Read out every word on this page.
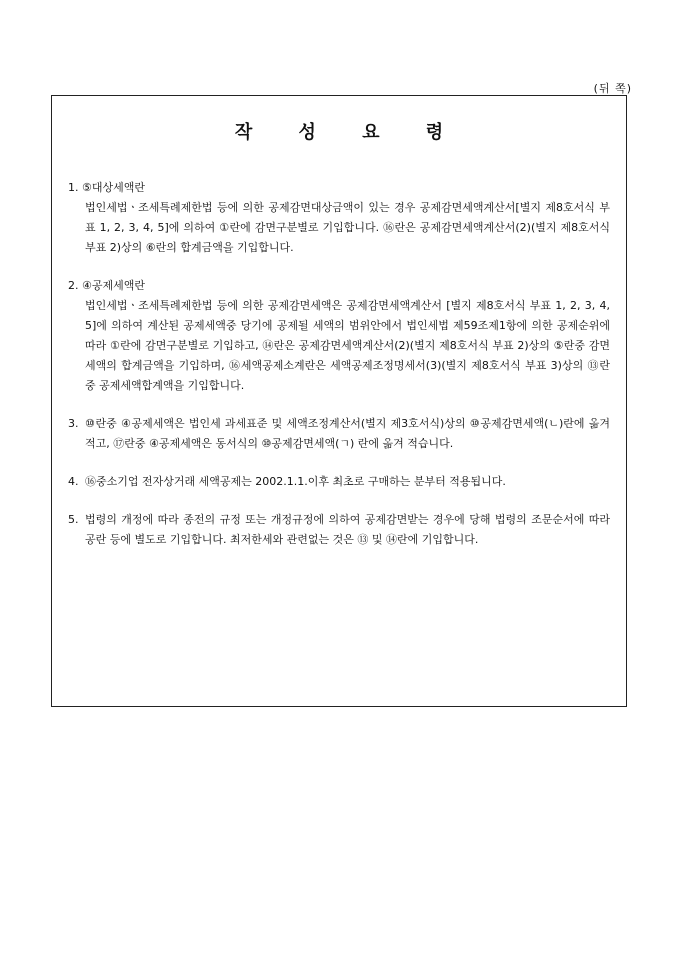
(뒤 쪽)
작 성 요 령
1. ⑤대상세액란
법인세법ㆍ조세특례제한법 등에 의한 공제감면대상금액이 있는 경우 공제감면세액계산서[별지 제8호서식 부표 1, 2, 3, 4, 5]에 의하여 ①란에 감면구분별로 기입합니다. ⑯란은 공제감면세액계산서(2)(별지 제8호서식 부표 2)상의 ⑥란의 합계금액을 기입합니다.
2. ④공제세액란
법인세법ㆍ조세특례제한법 등에 의한 공제감면세액은 공제감면세액계산서 [별지 제8호서식 부표 1, 2, 3, 4, 5]에 의하여 계산된 공제세액중 당기에 공제될 세액의 범위안에서 법인세법 제59조제1항에 의한 공제순위에 따라 ①란에 감면구분별로 기입하고, ⑭란은 공제감면세액계산서(2)(별지 제8호서식 부표 2)상의 ⑤란중 감면세액의 합계금액을 기입하며, ⑯세액공제소계란은 세액공제조정명세서(3)(별지 제8호서식 부표 3)상의 ⑬란중 공제세액합계액을 기입합니다.
3. ⑩란중 ④공제세액은 법인세 과세표준 및 세액조정계산서(별지 제3호서식)상의 ⑩공제감면세액(ㄴ)란에 옮겨 적고, ⑰란중 ④공제세액은 동서식의 ⑩공제감면세액(ㄱ) 란에 옮겨 적습니다.
4. ⑯중소기업 전자상거래 세액공제는 2002.1.1.이후 최초로 구매하는 분부터 적용됩니다.
5. 법령의 개정에 따라 종전의 규정 또는 개정규정에 의하여 공제감면받는 경우에 당해 법령의 조문순서에 따라 공란 등에 별도로 기입합니다. 최저한세와 관련없는 것은 ⑬ 및 ⑭란에 기입합니다.
